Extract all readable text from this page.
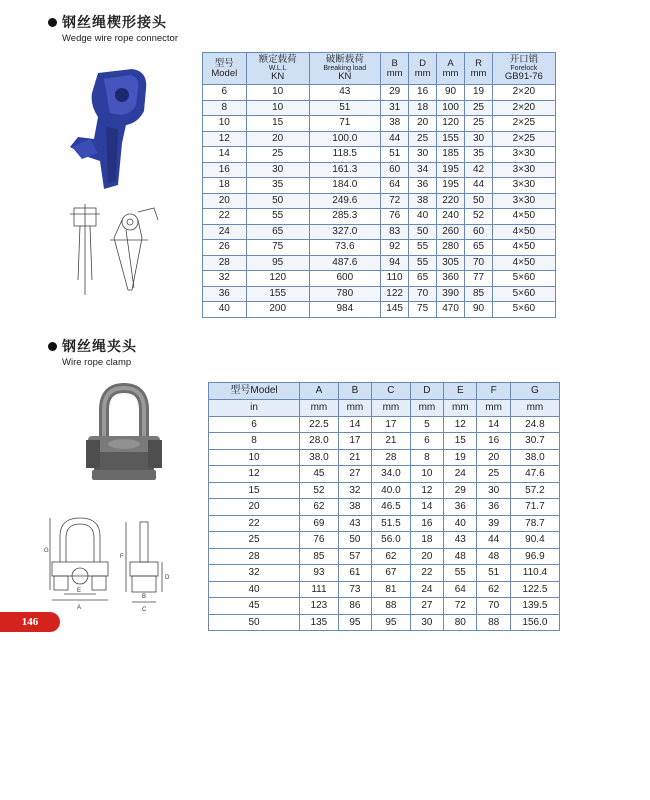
钢丝绳楔形接头
Wedge wire rope connector
型号
Model	额定载荷
W.L.L
KN	破断载荷
Breaking load
KN	B
mm	D
mm	A
mm	R
mm	开口销
Forelock
GB91-76

6	10	43	29	16	90	19	2×20
8	10	51	31	18	100	25	2×20
10	15	71	38	20	120	25	2×25
12	20	100.0	44	25	155	30	2×25
14	25	118.5	51	30	185	35	3×30
16	30	161.3	60	34	195	42	3×30
18	35	184.0	64	36	195	44	3×30
20	50	249.6	72	38	220	50	3×30
22	55	285.3	76	40	240	52	4×50
24	65	327.0	83	50	260	60	4×50
26	75	73.6	92	55	280	65	4×50
28	95	487.6	94	55	305	70	4×50
32	120	600	110	65	360	77	5×60
36	155	780	122	70	390	85	5×60
40	200	984	145	75	470	90	5×60
钢丝绳夹头
Wire rope clamp
G
F
E
A
D
B
C
型号Model	A	B	C	D	E	F	G
in	mm	mm	mm	mm	mm	mm	mm
6	22.5	14	17	5	12	14	24.8
8	28.0	17	21	6	15	16	30.7
10	38.0	21	28	8	19	20	38.0
12	45	27	34.0	10	24	25	47.6
15	52	32	40.0	12	29	30	57.2
20	62	38	46.5	14	36	36	71.7
22	69	43	51.5	16	40	39	78.7
25	76	50	56.0	18	43	44	90.4
28	85	57	62	20	48	48	96.9
32	93	61	67	22	55	51	110.4
40	111	73	81	24	64	62	122.5
45	123	86	88	27	72	70	139.5
50	135	95	95	30	80	88	156.0
146
